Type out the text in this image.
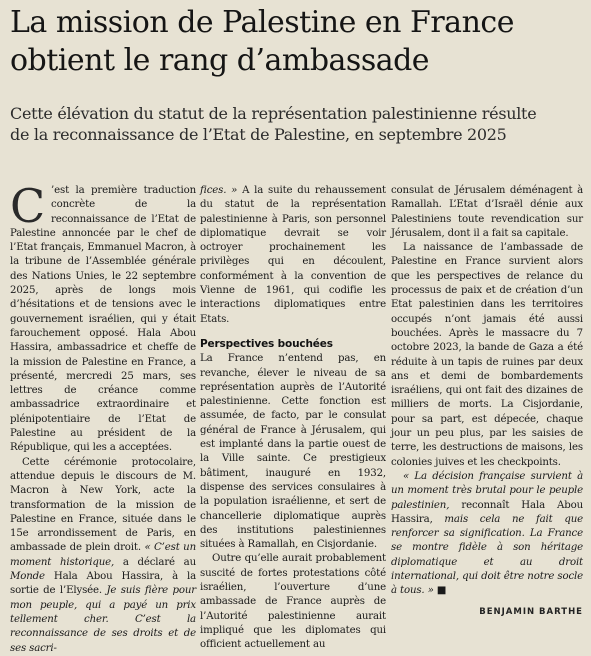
La mission de Palestine en France
obtient le rang d’ambassade

Cette élévation du statut de la représentation palestinienne résulte
de la reconnaissance de l’Etat de Palestine, en septembre 2025

C ’est la première traduction concrète de la reconnaissance de l’Etat de Palestine annoncée par le chef de l’Etat français, Emmanuel Macron, à la tribune de l’Assemblée générale des Nations Unies, le 22 septembre 2025, après de longs mois d’hésitations et de tensions avec le gouvernement israélien, qui y était farouchement opposé. Hala Abou Hassira, ambassadrice et cheffe de la mission de Palestine en France, a présenté, mercredi 25 mars, ses lettres de créance comme ambassadrice extraordinaire et plénipotentiaire de l’Etat de Palestine au président de la République, qui les a acceptées.

Cette cérémonie protocolaire, attendue depuis le discours de M. Macron à New York, acte la transformation de la mission de Palestine en France, située dans le 15e arrondissement de Paris, en ambassade de plein droit. « C’est un moment historique, a déclaré au Monde Hala Abou Hassira, à la sortie de l’Elysée. Je suis fière pour mon peuple, qui a payé un prix tellement cher. C’est la reconnaissance de ses droits et de ses sacri-

fices. » A la suite du rehaussement du statut de la représentation palestinienne à Paris, son personnel diplomatique devrait se voir octroyer prochainement les privilèges qui en découlent, conformément à la convention de Vienne de 1961, qui codifie les interactions diplomatiques entre Etats.

Perspectives bouchées

La France n’entend pas, en revanche, élever le niveau de sa représentation auprès de l’Autorité palestinienne. Cette fonction est assumée, de facto, par le consulat général de France à Jérusalem, qui est implanté dans la partie ouest de la Ville sainte. Ce prestigieux bâtiment, inauguré en 1932, dispense des services consulaires à la population israélienne, et sert de chancellerie diplomatique auprès des institutions palestiniennes situées à Ramallah, en Cisjordanie.

Outre qu’elle aurait probablement suscité de fortes protestations côté israélien, l’ouverture d’une ambassade de France auprès de l’Autorité palestinienne aurait impliqué que les diplomates qui officient actuellement au

consulat de Jérusalem déménagent à Ramallah. L’Etat d’Israël dénie aux Palestiniens toute revendication sur Jérusalem, dont il a fait sa capitale.

La naissance de l’ambassade de Palestine en France survient alors que les perspectives de relance du processus de paix et de création d’un Etat palestinien dans les territoires occupés n’ont jamais été aussi bouchées. Après le massacre du 7 octobre 2023, la bande de Gaza a été réduite à un tapis de ruines par deux ans et demi de bombardements israéliens, qui ont fait des dizaines de milliers de morts. La Cisjordanie, pour sa part, est dépecée, chaque jour un peu plus, par les saisies de terre, les destructions de maisons, les colonies juives et les checkpoints.

« La décision française survient à un moment très brutal pour le peuple palestinien, reconnaît Hala Abou Hassira, mais cela ne fait que renforcer sa signification. La France se montre fidèle à son héritage diplomatique et au droit international, qui doit être notre socle à tous. » ■

BENJAMIN BARTHE
